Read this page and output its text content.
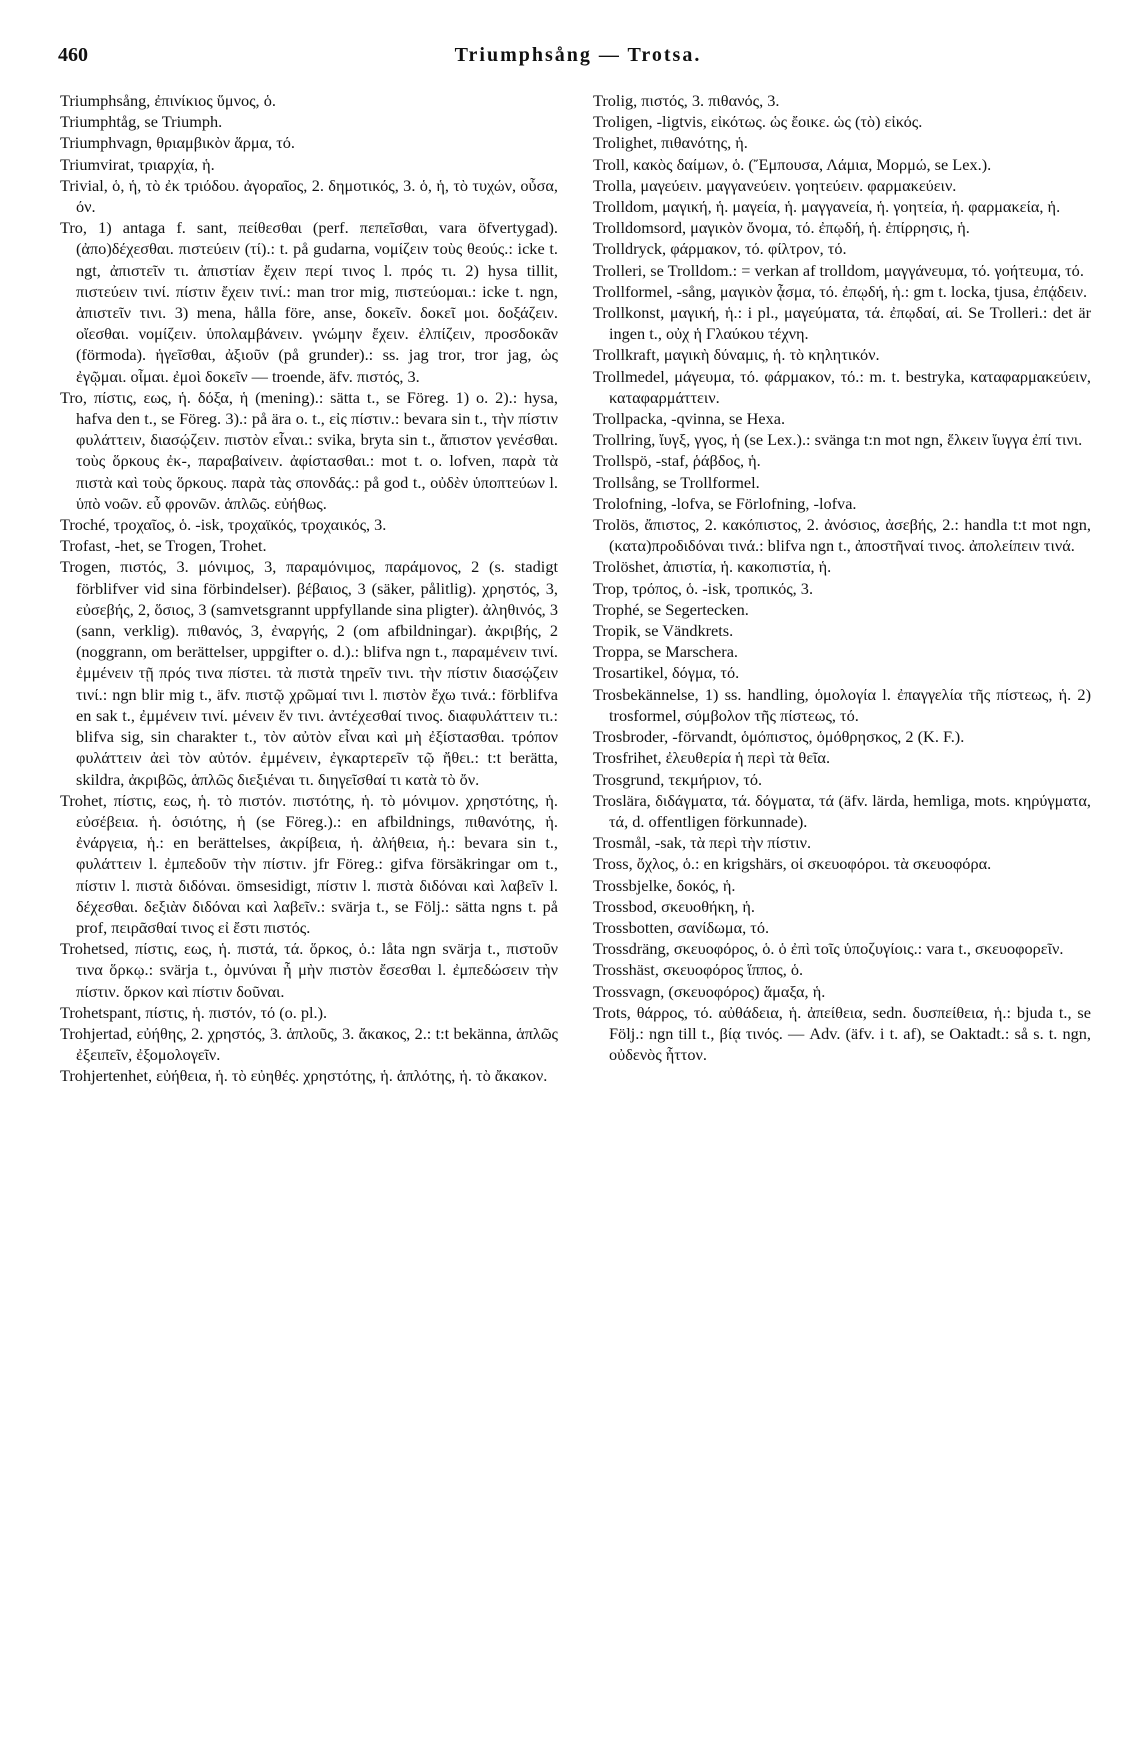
460	Triumphsång — Trotsa.

Triumphsång, ἐπινίκιος ὕμνος, ὁ.

Triumphtåg, se Triumph.

Triumphvagn, θριαμβικὸν ἅρμα, τό.

Triumvirat, τριαρχία, ἡ.

Trivial, ὁ, ἡ, τὸ ἐκ τριόδου. ἀγοραῖος, 2. δημοτικός, 3. ὁ, ἡ, τὸ τυχών, οὖσα, όν.

Tro, 1) antaga f. sant, πείθεσθαι (perf. πεπεῖσθαι, vara öfvertygad). (ἀπο)δέχεσθαι. πιστεύειν (τί).: t. på gudarna, νομίζειν τοὺς θεούς.: icke t. ngt, ἀπιστεῖν τι. ἀπιστίαν ἔχειν περί τινος l. πρός τι. 2) hysa tillit, πιστεύειν τινί. πίστιν ἔχειν τινί.: man tror mig, πιστεύομαι.: icke t. ngn, ἀπιστεῖν τινι. 3) mena, hålla före, anse, δοκεῖν. δοκεῖ μοι. δοξάζειν. οἴεσθαι. νομίζειν. ὑπολαμβάνειν. γνώμην ἔχειν. ἐλπίζειν, προσδοκᾶν (förmoda). ἡγεῖσθαι, ἀξιοῦν (på grunder).: ss. jag tror, tror jag, ὡς ἐγῷμαι. οἶμαι. ἐμοὶ δοκεῖν — troende, äfv. πιστός, 3.

Tro, πίστις, εως, ἡ. δόξα, ἡ (mening).: sätta t., se Föreg. 1) o. 2).: hysa, hafva den t., se Föreg. 3).: på ära o. t., εἰς πίστιν.: bevara sin t., τὴν πίστιν φυλάττειν, διασῴζειν. πιστὸν εἶναι.: svika, bryta sin t., ἄπιστον γενέσθαι. τοὺς ὅρκους ἐκ-, παραβαίνειν. ἀφίστασθαι.: mot t. o. lofven, παρὰ τὰ πιστὰ καὶ τοὺς ὅρκους. παρὰ τὰς σπονδάς.: på god t., οὐδὲν ὑποπτεύων l. ὑπὸ νοῶν. εὖ φρονῶν. ἁπλῶς. εὐήθως.

Troché, τροχαῖος, ὁ. -isk, τροχαϊκός, τροχαικός, 3.

Trofast, -het, se Trogen, Trohet.

Trogen, πιστός, 3. μόνιμος, 3, παραμόνιμος, παράμονος, 2 (s. stadigt förblifver vid sina förbindelser). βέβαιος, 3 (säker, pålitlig). χρηστός, 3, εὐσεβής, 2, ὅσιος, 3 (samvetsgrannt uppfyllande sina pligter). ἀληθινός, 3 (sann, verklig). πιθανός, 3, ἐναργής, 2 (om afbildningar). ἀκριβής, 2 (noggrann, om berättelser, uppgifter o. d.).: blifva ngn t., παραμένειν τινί. ἐμμένειν τῇ πρός τινα πίστει. τὰ πιστὰ τηρεῖν τινι. τὴν πίστιν διασῴζειν τινί.: ngn blir mig t., äfv. πιστῷ χρῶμαί τινι l. πιστὸν ἔχω τινά.: förblifva en sak t., ἐμμένειν τινί. μένειν ἔν τινι. ἀντέχεσθαί τινος. διαφυλάττειν τι.: blifva sig, sin charakter t., τὸν αὐτὸν εἶναι καὶ μὴ ἐξίστασθαι. τρόπον φυλάττειν ἀεὶ τὸν αὐτόν. ἐμμένειν, ἐγκαρτερεῖν τῷ ἤθει.: t:t berätta, skildra, ἀκριβῶς, ἁπλῶς διεξιέναι τι. διηγεῖσθαί τι κατὰ τὸ ὄν.

Trohet, πίστις, εως, ἡ. τὸ πιστόν. πιστότης, ἡ. τὸ μόνιμον. χρηστότης, ἡ. εὐσέβεια. ἡ. ὁσιότης, ἡ (se Föreg.).: en afbildnings, πιθανότης, ἡ. ἐνάργεια, ἡ.: en berättelses, ἀκρίβεια, ἡ. ἀλήθεια, ἡ.: bevara sin t., φυλάττειν l. ἐμπεδοῦν τὴν πίστιν. jfr Föreg.: gifva försäkringar om t., πίστιν l. πιστὰ διδόναι. ömsesidigt, πίστιν l. πιστὰ διδόναι καὶ λαβεῖν l. δέχεσθαι. δεξιὰν διδόναι καὶ λαβεῖν.: svärja t., se Följ.: sätta ngns t. på prof, πειρᾶσθαί τινος εἰ ἔστι πιστός.

Trohetsed, πίστις, εως, ἡ. πιστά, τά. ὅρκος, ὁ.: låta ngn svärja t., πιστοῦν τινα ὅρκῳ.: svärja t., ὀμνύναι ἦ μὴν πιστὸν ἔσεσθαι l. ἐμπεδώσειν τὴν πίστιν. ὅρκον καὶ πίστιν δοῦναι.

Trohetspant, πίστις, ἡ. πιστόν, τό (o. pl.).

Trohjertad, εὐήθης, 2. χρηστός, 3. ἁπλοῦς, 3. ἄκακος, 2.: t:t bekänna, ἁπλῶς ἐξειπεῖν, ἐξομολογεῖν.

Trohjertenhet, εὐήθεια, ἡ. τὸ εὐηθές. χρηστότης, ἡ. ἁπλότης, ἡ. τὸ ἄκακον.

Trolig, πιστός, 3. πιθανός, 3.

Troligen, -ligtvis, εἰκότως. ὡς ἔοικε. ὡς (τὸ) εἰκός.

Trolighet, πιθανότης, ἡ.

Troll, κακὸς δαίμων, ὁ. (Ἔμπουσα, Λάμια, Μορμώ, se Lex.).

Trolla, μαγεύειν. μαγγανεύειν. γοητεύειν. φαρμακεύειν.

Trolldom, μαγική, ἡ. μαγεία, ἡ. μαγγανεία, ἡ. γοητεία, ἡ. φαρμακεία, ἡ.

Trolldomsord, μαγικὸν ὄνομα, τό. ἐπῳδή, ἡ. ἐπίρρησις, ἡ.

Trolldryck, φάρμακον, τό. φίλτρον, τό.

Trolleri, se Trolldom.: = verkan af trolldom, μαγγάνευμα, τό. γοήτευμα, τό.

Trollformel, -sång, μαγικὸν ᾆσμα, τό. ἐπῳδή, ἡ.: gm t. locka, tjusa, ἐπᾴδειν.

Trollkonst, μαγική, ἡ.: i pl., μαγεύματα, τά. ἐπῳδαί, αἱ. Se Trolleri.: det är ingen t., οὐχ ἡ Γλαύκου τέχνη.

Trollkraft, μαγικὴ δύναμις, ἡ. τὸ κηλητικόν.

Trollmedel, μάγευμα, τό. φάρμακον, τό.: m. t. bestryka, καταφαρμακεύειν, καταφαρμάττειν.

Trollpacka, -qvinna, se Hexa.

Trollring, ἴυγξ, γγος, ἡ (se Lex.).: svänga t:n mot ngn, ἕλκειν ἴυγγα ἐπί τινι.

Trollspö, -staf, ῥάβδος, ἡ.

Trollsång, se Trollformel.

Trolofning, -lofva, se Förlofning, -lofva.

Trolös, ἄπιστος, 2. κακόπιστος, 2. ἀνόσιος, ἀσεβής, 2.: handla t:t mot ngn, (κατα)προδιδόναι τινά.: blifva ngn t., ἀποστῆναί τινος. ἀπολείπειν τινά.

Trolöshet, ἀπιστία, ἡ. κακοπιστία, ἡ.

Trop, τρόπος, ὁ. -isk, τροπικός, 3.

Trophé, se Segertecken.

Tropik, se Vändkrets.

Troppa, se Marschera.

Trosartikel, δόγμα, τό.

Trosbekännelse, 1) ss. handling, ὁμολογία l. ἐπαγγελία τῆς πίστεως, ἡ. 2) trosformel, σύμβολον τῆς πίστεως, τό.

Trosbroder, -förvandt, ὁμόπιστος, ὁμόθρησκος, 2 (K. F.).

Trosfrihet, ἐλευθερία ἡ περὶ τὰ θεῖα.

Trosgrund, τεκμήριον, τό.

Troslära, διδάγματα, τά. δόγματα, τά (äfv. lärda, hemliga, mots. κηρύγματα, τά, d. offentligen förkunnade).

Trosmål, -sak, τὰ περὶ τὴν πίστιν.

Tross, ὄχλος, ὁ.: en krigshärs, οἱ σκευοφόροι. τὰ σκευοφόρα.

Trossbjelke, δοκός, ἡ.

Trossbod, σκευοθήκη, ἡ.

Trossbotten, σανίδωμα, τό.

Trossdräng, σκευοφόρος, ὁ. ὁ ἐπὶ τοῖς ὑποζυγίοις.: vara t., σκευοφορεῖν.

Trosshäst, σκευοφόρος ἵππος, ὁ.

Trossvagn, (σκευοφόρος) ἅμαξα, ἡ.

Trots, θάρρος, τό. αὐθάδεια, ἡ. ἀπείθεια, sedn. δυσπείθεια, ἡ.: bjuda t., se Följ.: ngn till t., βίᾳ τινός. — Adv. (äfv. i t. af), se Oaktadt.: så s. t. ngn, οὐδενὸς ἧττον.
